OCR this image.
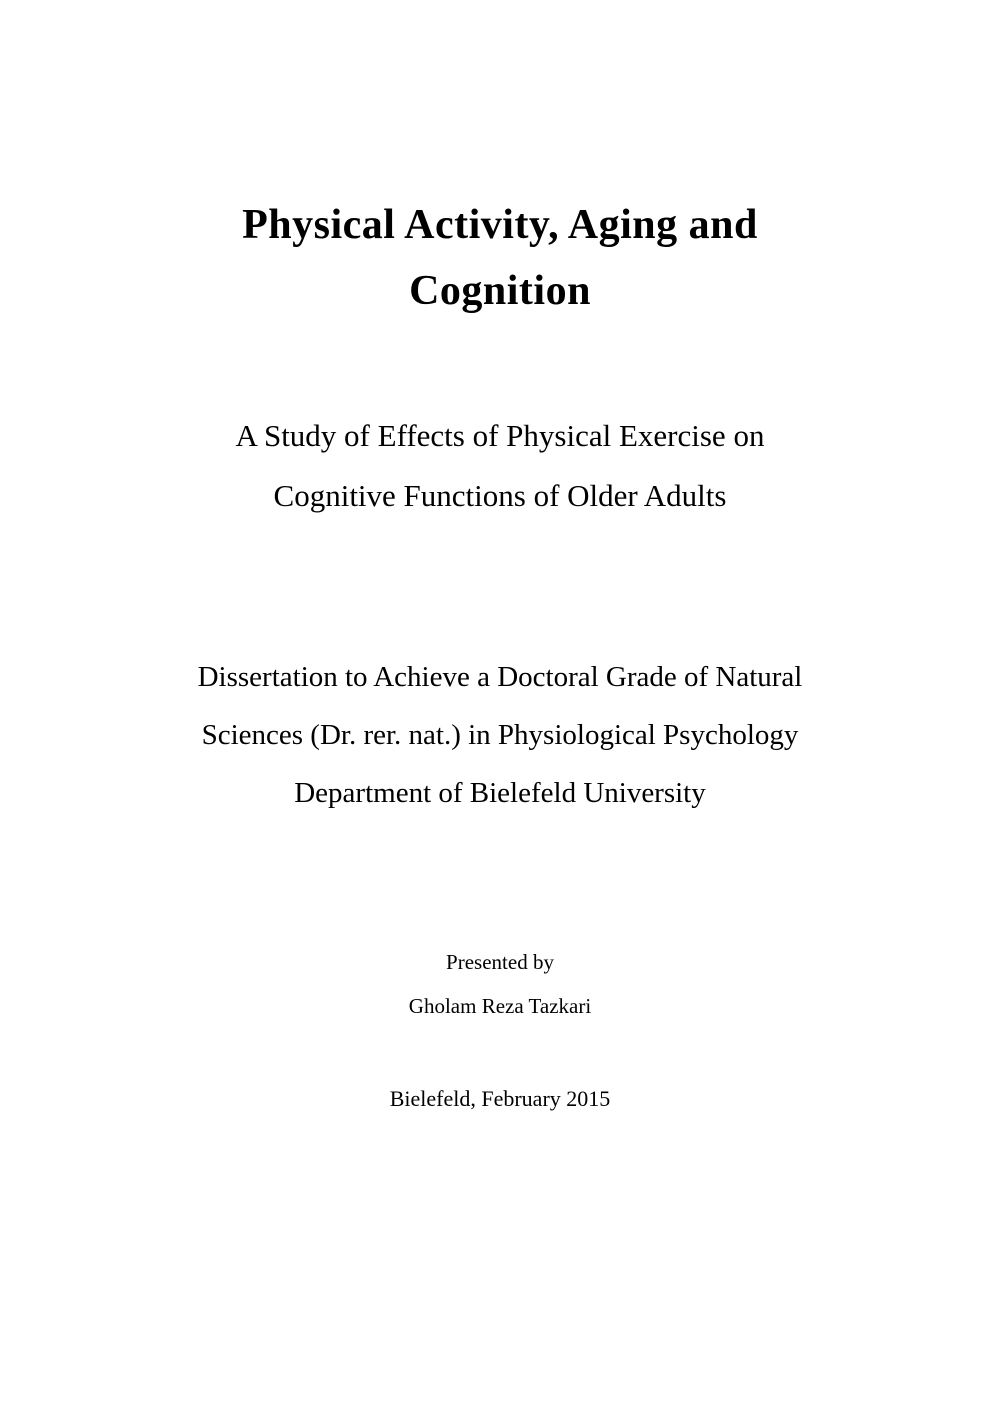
Physical Activity, Aging and
Cognition
A Study of Effects of Physical Exercise on
Cognitive Functions of Older Adults
Dissertation to Achieve a Doctoral Grade of Natural
Sciences (Dr. rer. nat.) in Physiological Psychology
Department of Bielefeld University
Presented by
Gholam Reza Tazkari
Bielefeld, February 2015
